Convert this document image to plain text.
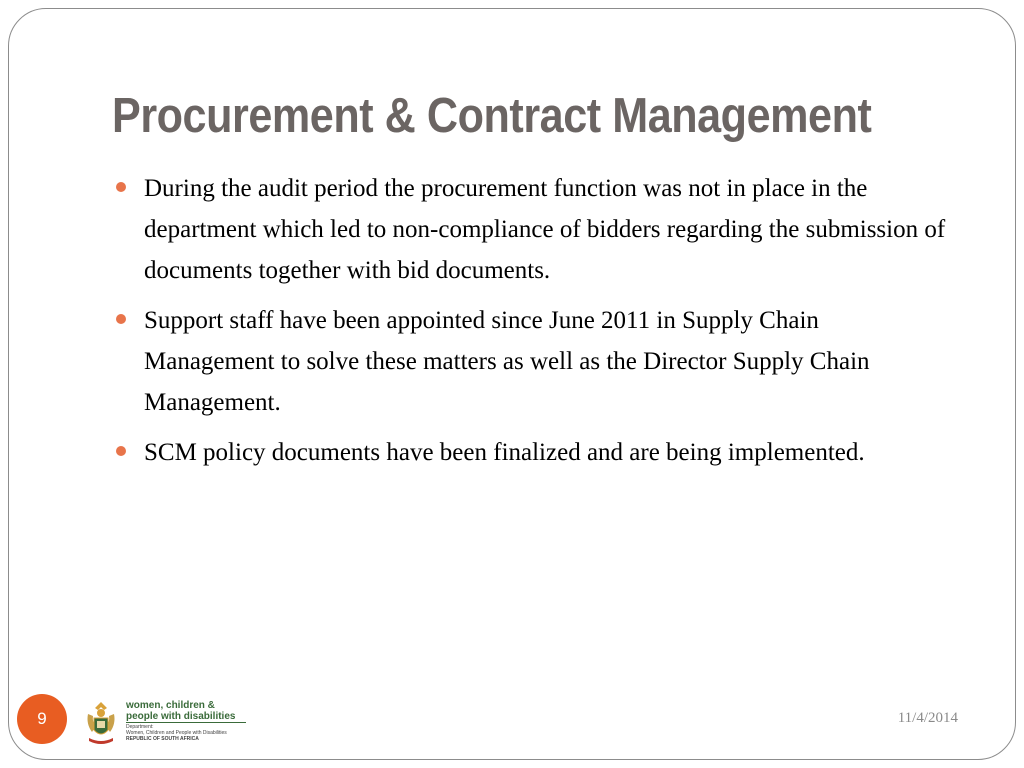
Procurement & Contract Management
During the audit period the procurement function was not in place in the department which led to non-compliance of bidders regarding the submission of documents together with bid documents.
Support staff have been appointed since June 2011 in Supply Chain Management to solve these matters as well as the Director Supply Chain Management.
SCM policy documents have been finalized and are being implemented.
9
women, children &
people with disabilities
Department:
Women, Children and People with Disabilities
REPUBLIC OF SOUTH AFRICA
11/4/2014
